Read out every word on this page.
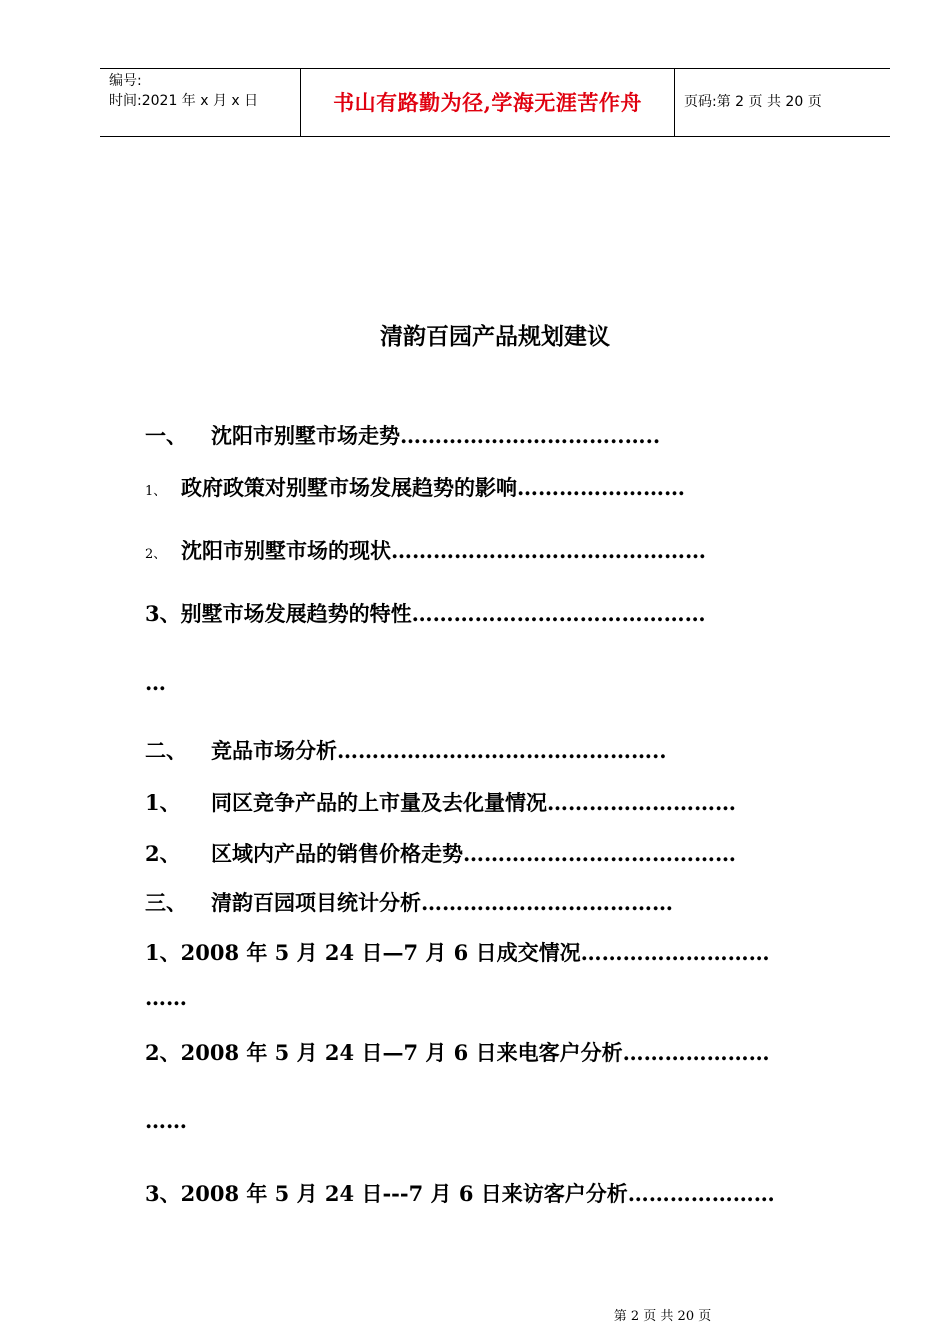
编号:
时间:2021 年 x 月 x 日	书山有路勤为径,学海无涯苦作舟	页码:第 2 页 共 20 页
清韵百园产品规划建议
一、 沈阳市别墅市场走势…………………………..…..
1、 政府政策对别墅市场发展趋势的影响……………………
2、 沈阳市别墅市场的现状………………………………………
3、别墅市场发展趋势的特性……………………………………
…
二、 竞品市场分析………………………………………..
1、 同区竞争产品的上市量及去化量情况………………………
2、 区域内产品的销售价格走势…………………………………
三、 清韵百园项目统计分析………………………………
1、2008 年 5 月 24 日—7 月 6 日成交情况………………………
……
2、2008 年 5 月 24 日—7 月 6 日来电客户分析…………………
……
3、2008 年 5 月 24 日---7 月 6 日来访客户分析…………………
第 2 页 共 20 页
